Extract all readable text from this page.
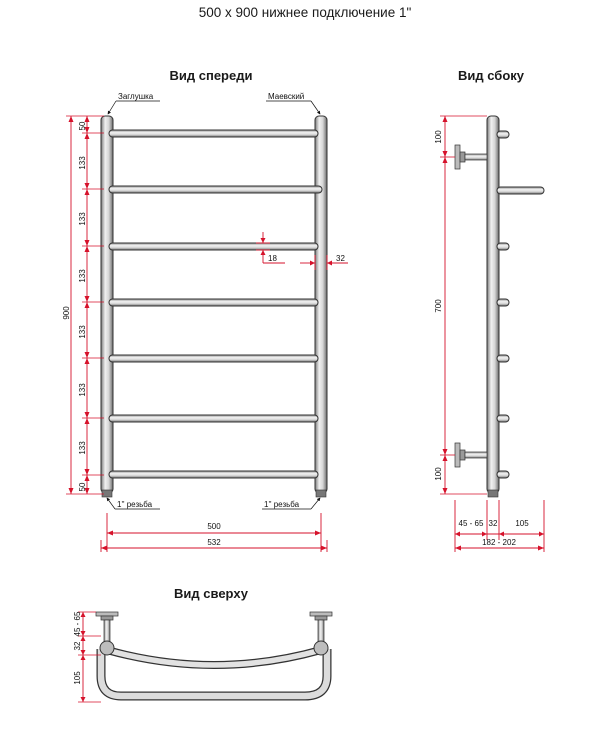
500 x 900 нижнее подключение 1"
Вид спереди
Заглушка	Маевский
1'' резьба	1'' резьба
900
50
133
133
133
133
133
133
50
18	32
500
532
Вид сбоку
100
700
100
45 - 65 32 105
182 - 202
Вид сверху
45 - 65
32
105
